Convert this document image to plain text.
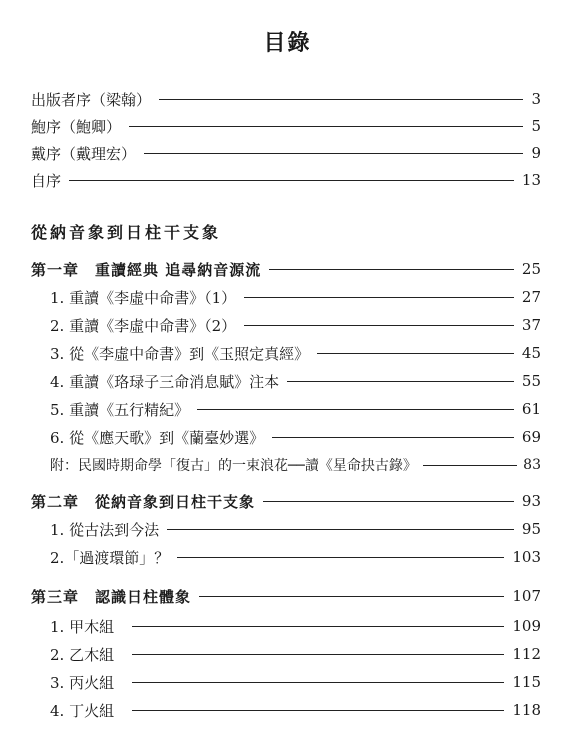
目錄
出版者序（梁翰）	3
鮑序（鮑卿）	5
戴序（戴理宏）	9
自序	13
從納音象到日柱干支象
第一章　重讀經典 追尋納音源流	25
1. 重讀《李虛中命書》（1）	27
2. 重讀《李虛中命書》（2）	37
3. 從《李虛中命書》到《玉照定真經》	45
4. 重讀《珞琭子三命消息賦》注本	55
5. 重讀《五行精紀》	61
6. 從《應天歌》到《蘭臺妙選》	69
附：民國時期命學「復古」的一束浪花──讀《星命抉古錄》	83
第二章　從納音象到日柱干支象	93
1. 從古法到今法	95
2.「過渡環節」？	103
第三章　認識日柱體象	107
1. 甲木組	109
2. 乙木組	112
3. 丙火組	115
4. 丁火組	118
